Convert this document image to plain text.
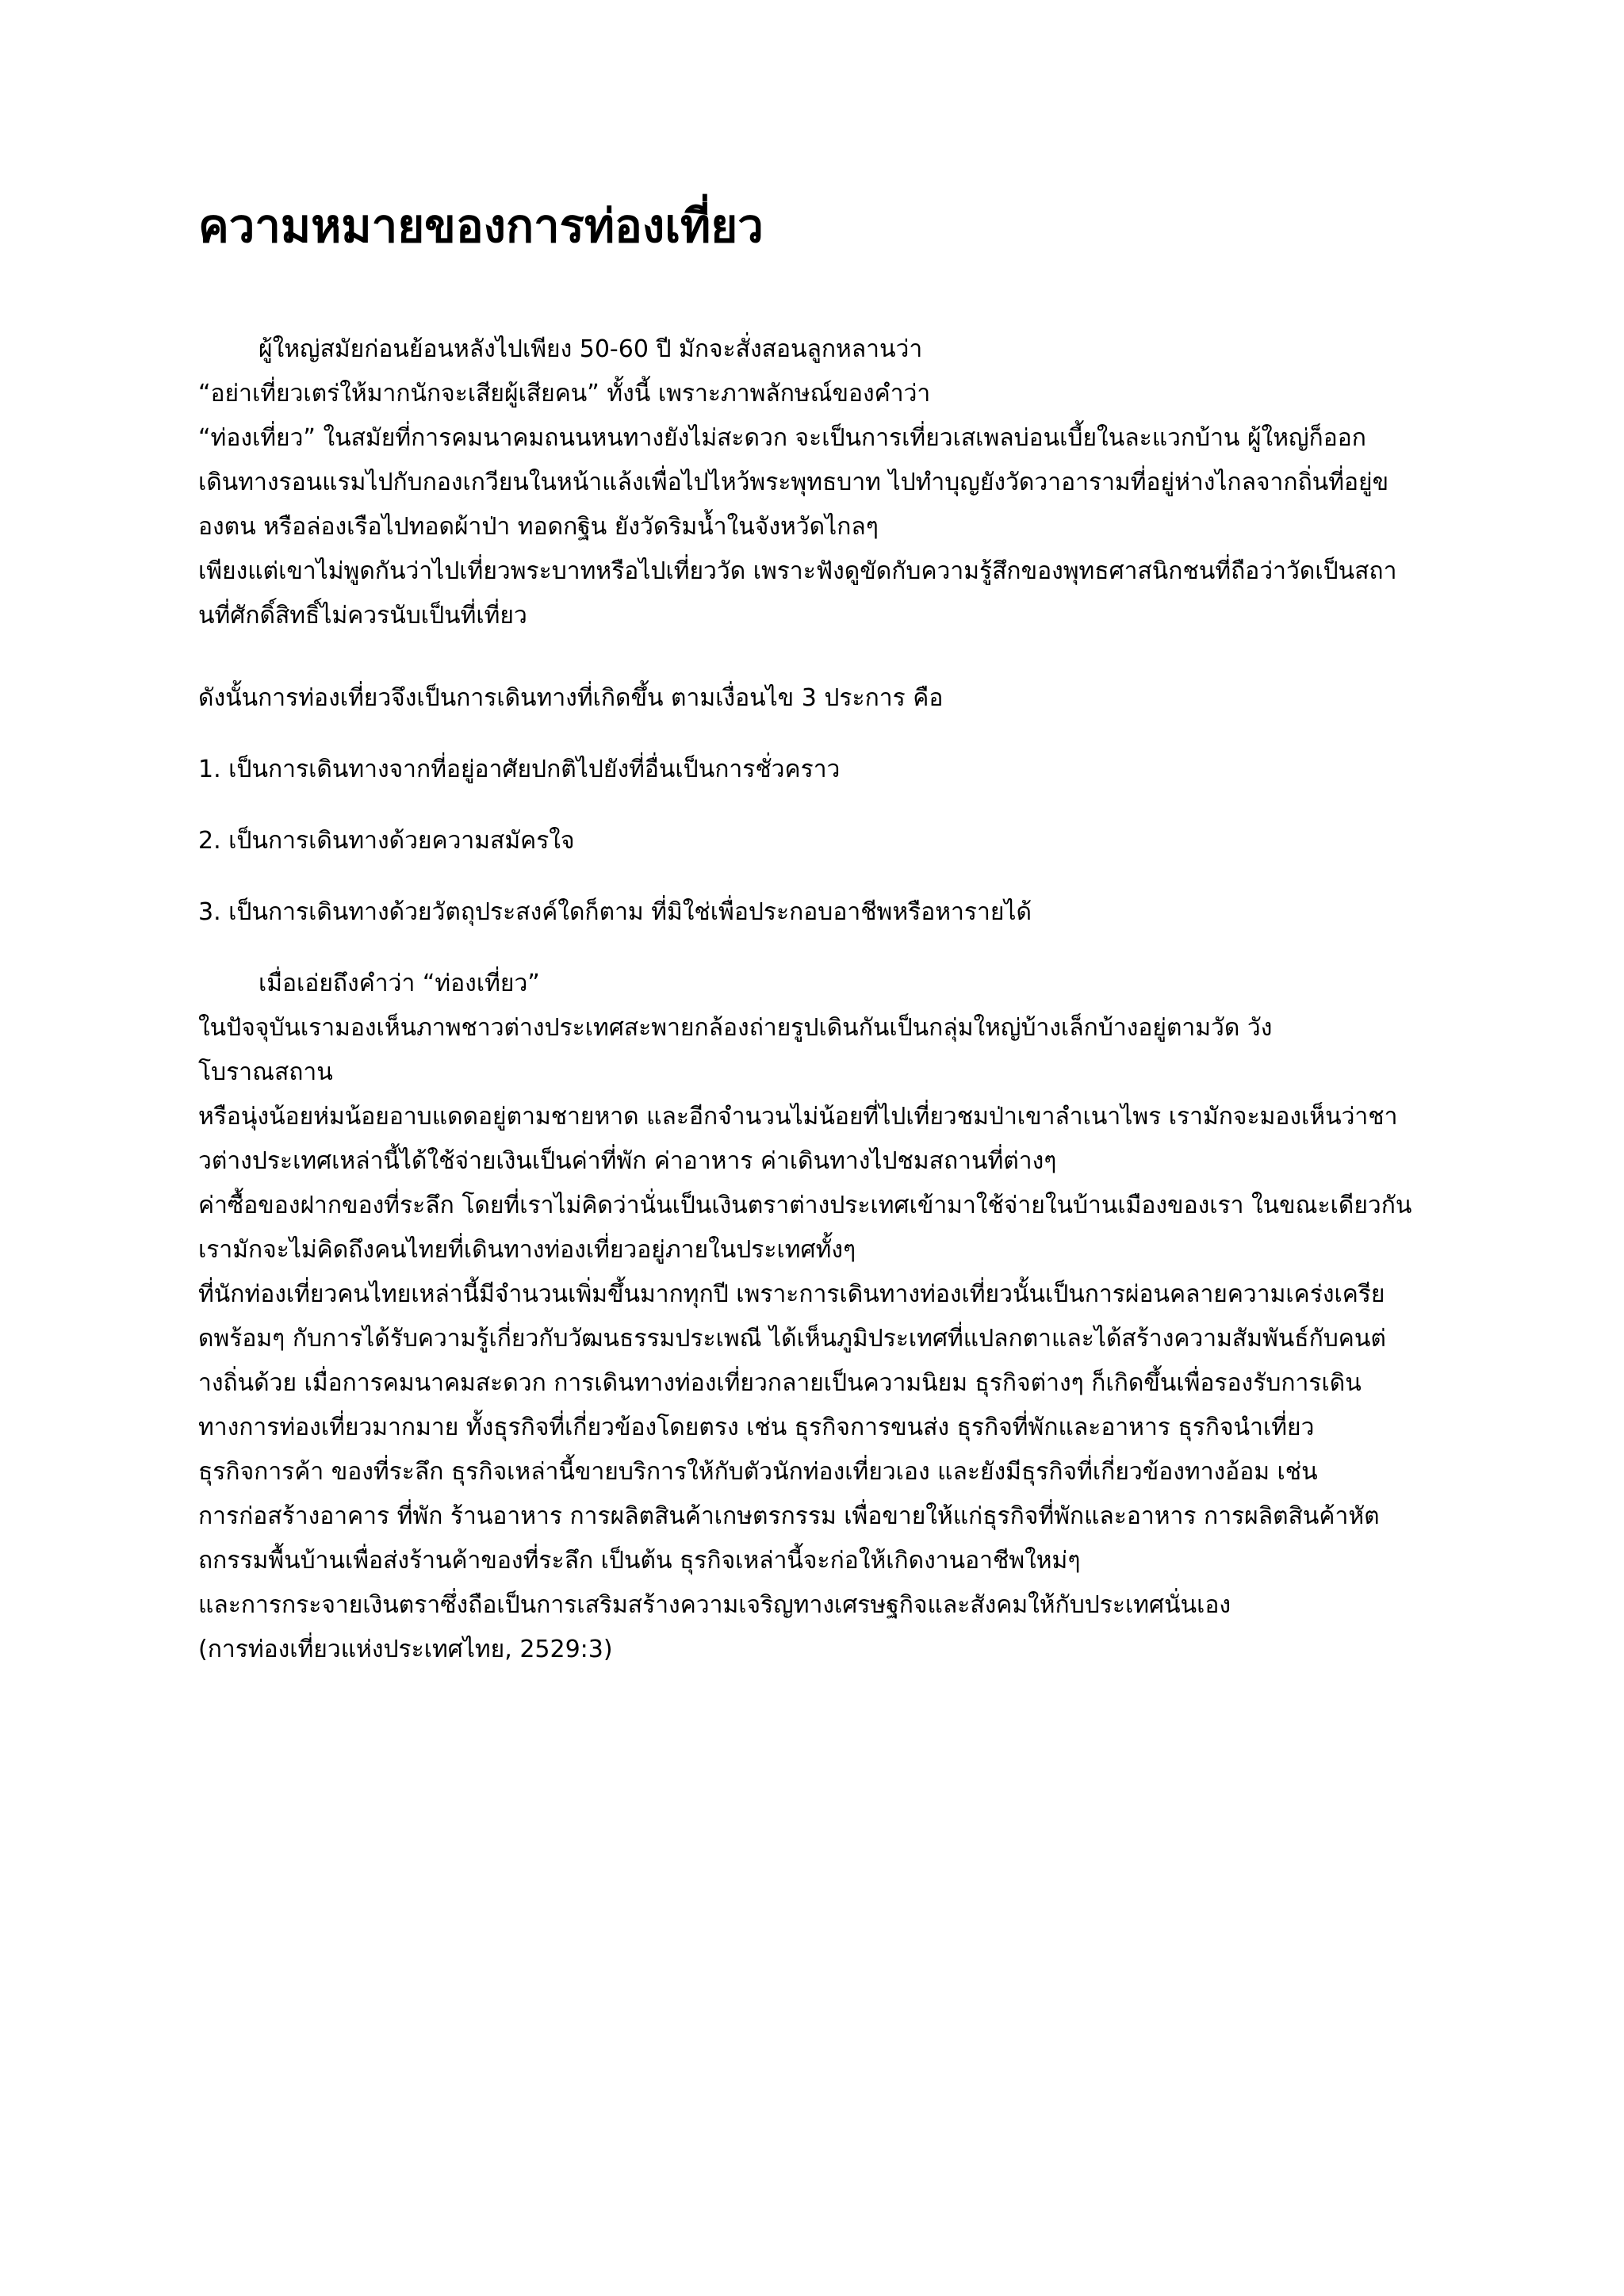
ความหมายของการท่องเที่ยว
ผู้ใหญ่สมัยก่อนย้อนหลังไปเพียง 50-60 ปี มักจะสั่งสอนลูกหลานว่า
“อย่าเที่ยวเตร่ให้มากนักจะเสียผู้เสียคน” ทั้งนี้ เพราะภาพลักษณ์ของคำว่า
“ท่องเที่ยว” ในสมัยที่การคมนาคมถนนหนทางยังไม่สะดวก จะเป็นการเที่ยวเสเพลบ่อนเบี้ยในละแวกบ้าน ผู้ใหญ่ก็ออก
เดินทางรอนแรมไปกับกองเกวียนในหน้าแล้งเพื่อไปไหว้พระพุทธบาท ไปทำบุญยังวัดวาอารามที่อยู่ห่างไกลจากถิ่นที่อยู่ข
องตน หรือล่องเรือไปทอดผ้าป่า ทอดกฐิน ยังวัดริมน้ำในจังหวัดไกลๆ
เพียงแต่เขาไม่พูดกันว่าไปเที่ยวพระบาทหรือไปเที่ยววัด เพราะฟังดูขัดกับความรู้สึกของพุทธศาสนิกชนที่ถือว่าวัดเป็นสถา
นที่ศักดิ์สิทธิ์ไม่ควรนับเป็นที่เที่ยว
ดังนั้นการท่องเที่ยวจึงเป็นการเดินทางที่เกิดขึ้น ตามเงื่อนไข 3 ประการ คือ
1. เป็นการเดินทางจากที่อยู่อาศัยปกติไปยังที่อื่นเป็นการชั่วคราว
2. เป็นการเดินทางด้วยความสมัครใจ
3. เป็นการเดินทางด้วยวัตถุประสงค์ใดก็ตาม ที่มิใช่เพื่อประกอบอาชีพหรือหารายได้
เมื่อเอ่ยถึงคำว่า “ท่องเที่ยว”
ในปัจจุบันเรามองเห็นภาพชาวต่างประเทศสะพายกล้องถ่ายรูปเดินกันเป็นกลุ่มใหญ่บ้างเล็กบ้างอยู่ตามวัด วัง
โบราณสถาน
หรือนุ่งน้อยห่มน้อยอาบแดดอยู่ตามชายหาด และอีกจำนวนไม่น้อยที่ไปเที่ยวชมป่าเขาลำเนาไพร เรามักจะมองเห็นว่าชา
วต่างประเทศเหล่านี้ได้ใช้จ่ายเงินเป็นค่าที่พัก ค่าอาหาร ค่าเดินทางไปชมสถานที่ต่างๆ
ค่าซื้อของฝากของที่ระลึก โดยที่เราไม่คิดว่านั่นเป็นเงินตราต่างประเทศเข้ามาใช้จ่ายในบ้านเมืองของเรา ในขณะเดียวกัน
เรามักจะไม่คิดถึงคนไทยที่เดินทางท่องเที่ยวอยู่ภายในประเทศทั้งๆ
ที่นักท่องเที่ยวคนไทยเหล่านี้มีจำนวนเพิ่มขึ้นมากทุกปี เพราะการเดินทางท่องเที่ยวนั้นเป็นการผ่อนคลายความเคร่งเครีย
ดพร้อมๆ กับการได้รับความรู้เกี่ยวกับวัฒนธรรมประเพณี ได้เห็นภูมิประเทศที่แปลกตาและได้สร้างความสัมพันธ์กับคนต่
างถิ่นด้วย เมื่อการคมนาคมสะดวก การเดินทางท่องเที่ยวกลายเป็นความนิยม ธุรกิจต่างๆ ก็เกิดขึ้นเพื่อรองรับการเดิน
ทางการท่องเที่ยวมากมาย ทั้งธุรกิจที่เกี่ยวข้องโดยตรง เช่น ธุรกิจการขนส่ง ธุรกิจที่พักและอาหาร ธุรกิจนำเที่ยว
ธุรกิจการค้า ของที่ระลึก ธุรกิจเหล่านี้ขายบริการให้กับตัวนักท่องเที่ยวเอง และยังมีธุรกิจที่เกี่ยวข้องทางอ้อม เช่น
การก่อสร้างอาคาร ที่พัก ร้านอาหาร การผลิตสินค้าเกษตรกรรม เพื่อขายให้แก่ธุรกิจที่พักและอาหาร การผลิตสินค้าหัต
ถกรรมพื้นบ้านเพื่อส่งร้านค้าของที่ระลึก เป็นต้น ธุรกิจเหล่านี้จะก่อให้เกิดงานอาชีพใหม่ๆ
และการกระจายเงินตราซึ่งถือเป็นการเสริมสร้างความเจริญทางเศรษฐกิจและสังคมให้กับประเทศนั่นเอง
(การท่องเที่ยวแห่งประเทศไทย, 2529:3)
